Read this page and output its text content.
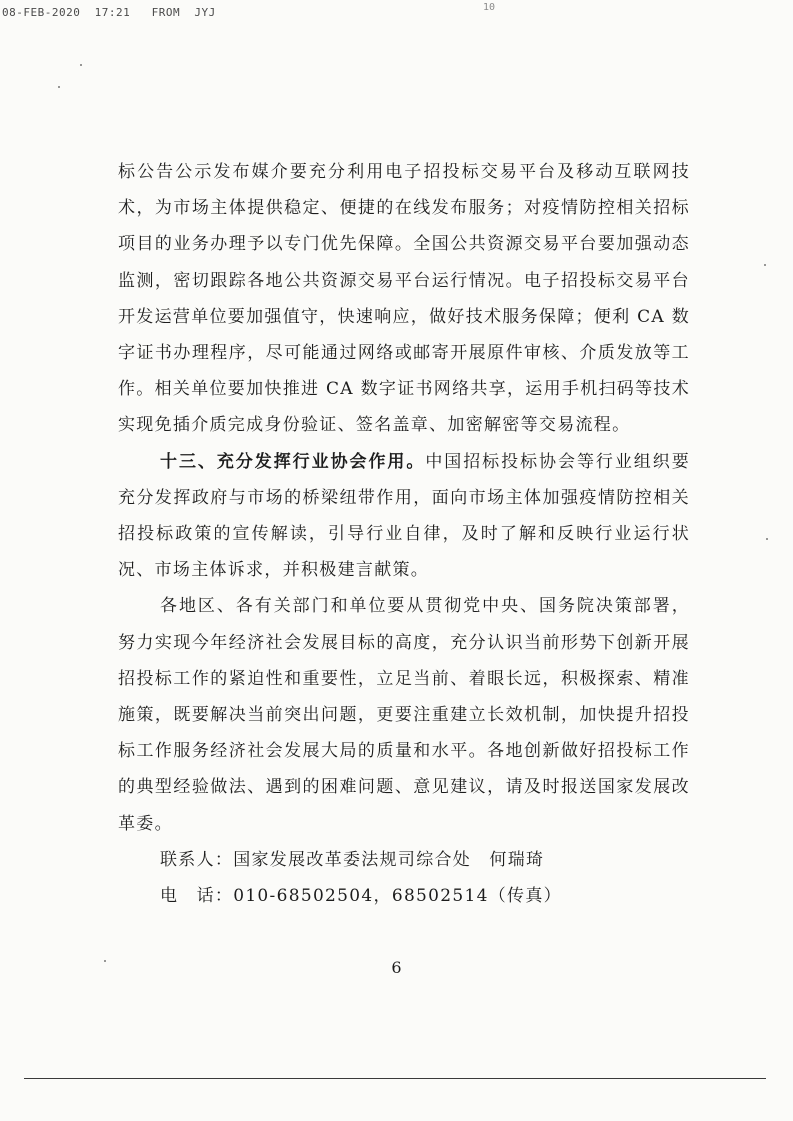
08-FEB-2020 17:21 FROM JYJ	10

标公告公示发布媒介要充分利用电子招投标交易平台及移动互联网技术，为市场主体提供稳定、便捷的在线发布服务；对疫情防控相关招标项目的业务办理予以专门优先保障。全国公共资源交易平台要加强动态监测，密切跟踪各地公共资源交易平台运行情况。电子招投标交易平台开发运营单位要加强值守，快速响应，做好技术服务保障；便利 CA 数字证书办理程序，尽可能通过网络或邮寄开展原件审核、介质发放等工作。相关单位要加快推进 CA 数字证书网络共享，运用手机扫码等技术实现免插介质完成身份验证、签名盖章、加密解密等交易流程。

十三、充分发挥行业协会作用。中国招标投标协会等行业组织要充分发挥政府与市场的桥梁纽带作用，面向市场主体加强疫情防控相关招投标政策的宣传解读，引导行业自律，及时了解和反映行业运行状况、市场主体诉求，并积极建言献策。

各地区、各有关部门和单位要从贯彻党中央、国务院决策部署，努力实现今年经济社会发展目标的高度，充分认识当前形势下创新开展招投标工作的紧迫性和重要性，立足当前、着眼长远，积极探索、精准施策，既要解决当前突出问题，更要注重建立长效机制，加快提升招投标工作服务经济社会发展大局的质量和水平。各地创新做好招投标工作的典型经验做法、遇到的困难问题、意见建议，请及时报送国家发展改革委。

联系人：国家发展改革委法规司综合处　何瑞琦

电　话：010-68502504，68502514（传真）

6
